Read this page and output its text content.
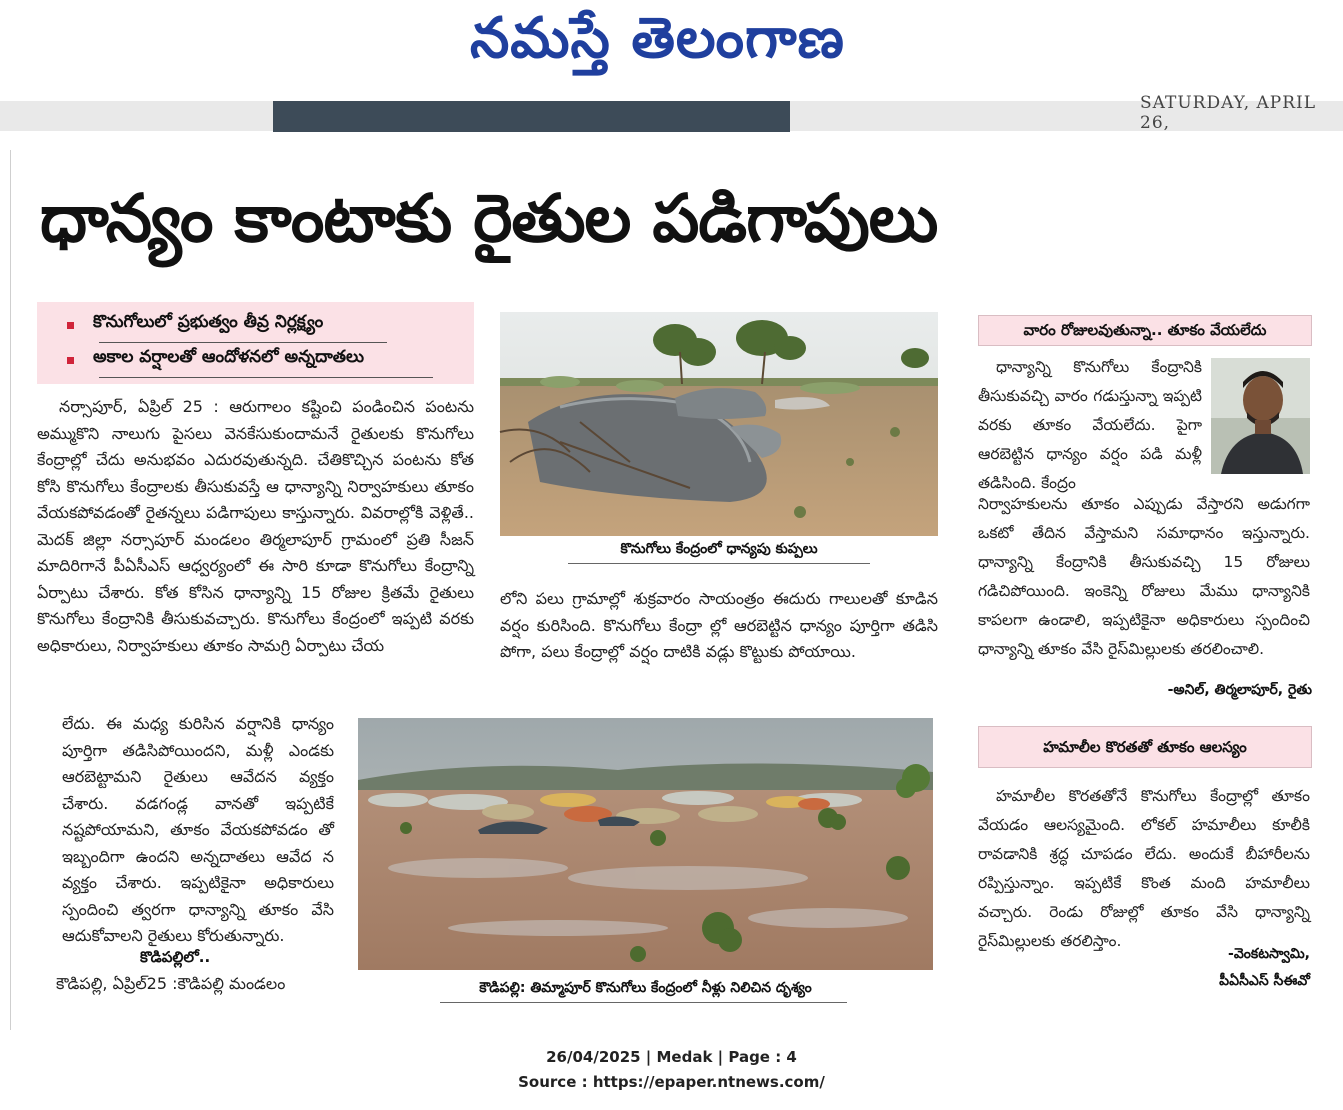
నమస్తే తెలంగాణ
SATURDAY, APRIL 26,
ధాన్యం కాంటాకు రైతుల పడిగాపులు
కొనుగోలులో ప్రభుత్వం తీవ్ర నిర్లక్ష్యం
అకాల వర్షాలతో ఆందోళనలో అన్నదాతలు
నర్సాపూర్, ఏప్రిల్ 25 : ఆరుగాలం కష్టించి పండించిన పంటను అమ్ముకొని నాలుగు పైసలు వెనకేసుకుందామనే రైతులకు కొనుగోలు కేంద్రాల్లో చేదు అనుభవం ఎదురవుతున్నది. చేతికొచ్చిన పంటను కోత కోసి కొనుగోలు కేంద్రాలకు తీసుకువస్తే ఆ ధాన్యాన్ని నిర్వాహకులు తూకం వేయకపోవడంతో రైతన్నలు పడిగాపులు కాస్తున్నారు. వివరాల్లోకి వెళ్లితే.. మెదక్ జిల్లా నర్సాపూర్ మండలం తిర్మలాపూర్ గ్రామంలో ప్రతి సీజన్ మాదిరిగానే పీఏసీఎస్ ఆధ్వర్యంలో ఈ సారి కూడా కొనుగోలు కేంద్రాన్ని ఏర్పాటు చేశారు. కోత కోసిన ధాన్యాన్ని 15 రోజుల క్రితమే రైతులు కొనుగోలు కేంద్రానికి తీసుకువచ్చారు. కొనుగోలు కేంద్రంలో ఇప్పటి వరకు అధికారులు, నిర్వాహకులు తూకం సామగ్రి ఏర్పాటు చేయ
లేదు. ఈ మధ్య కురిసిన వర్షానికి ధాన్యం పూర్తిగా తడిసిపోయిందని, మళ్లీ ఎండకు ఆరబెట్టామని రైతులు ఆవేదన వ్యక్తం చేశారు. వడగండ్ల వానతో ఇప్పటికే నష్టపోయామని, తూకం వేయకపోవడం తో ఇబ్బందిగా ఉందని అన్నదాతలు ఆవేద న వ్యక్తం చేశారు. ఇప్పటికైనా అధికారులు స్పందించి త్వరగా ధాన్యాన్ని తూకం వేసి ఆదుకోవాలని రైతులు కోరుతున్నారు.
కొడిపల్లిలో..
కౌడిపల్లి, ఏప్రిల్25 :కౌడిపల్లి మండలం
కొనుగోలు కేంద్రంలో ధాన్యపు కుప్పలు
లోని పలు గ్రామాల్లో శుక్రవారం సాయంత్రం ఈదురు గాలులతో కూడిన వర్షం కురిసింది. కొనుగోలు కేంద్రా ల్లో ఆరబెట్టిన ధాన్యం పూర్తిగా తడిసి పోగా, పలు కేంద్రాల్లో వర్షం దాటికి వడ్లు కొట్టుకు పోయాయి.
కౌడిపల్లి: తిమ్మాపూర్ కొనుగోలు కేంద్రంలో నీళ్లు నిలిచిన దృశ్యం
వారం రోజులవుతున్నా.. తూకం వేయలేదు
ధాన్యాన్ని కొనుగోలు కేంద్రానికి తీసుకువచ్చి వారం గడుస్తున్నా ఇప్పటి వరకు తూకం వేయలేదు. పైగా ఆరబెట్టిన ధాన్యం వర్షం పడి మళ్లీ తడిసింది. కేంద్రం
నిర్వాహకులను తూకం ఎప్పుడు వేస్తారని అడుగగా ఒకటో తేదిన వేస్తామని సమాధానం ఇస్తున్నారు. ధాన్యాన్ని కేంద్రానికి తీసుకువచ్చి 15 రోజులు గడిచిపోయింది. ఇంకెన్ని రోజులు మేము ధాన్యానికి కాపలగా ఉండాలి, ఇప్పటికైనా అధికారులు స్పందించి ధాన్యాన్ని తూకం వేసి రైస్‌మిల్లులకు తరలించాలి.
-అనిల్, తిర్మలాపూర్, రైతు
హమాలీల కొరతతో తూకం ఆలస్యం
హమాలీల కొరతతోనే కొనుగోలు కేంద్రాల్లో తూకం వేయడం ఆలస్యమైంది. లోకల్ హమాలీలు కూలీకి రావడానికి శ్రద్ధ చూపడం లేదు. అందుకే బీహారీలను రప్పిస్తున్నాం. ఇప్పటికే కొంత మంది హమాలీలు వచ్చారు. రెండు రోజుల్లో తూకం వేసి ధాన్యాన్ని రైస్‌మిల్లులకు తరలిస్తాం.
-వెంకటస్వామి,
పీఏసీఎస్ సీఈవో
26/04/2025 | Medak | Page : 4
Source : https://epaper.ntnews.com/
